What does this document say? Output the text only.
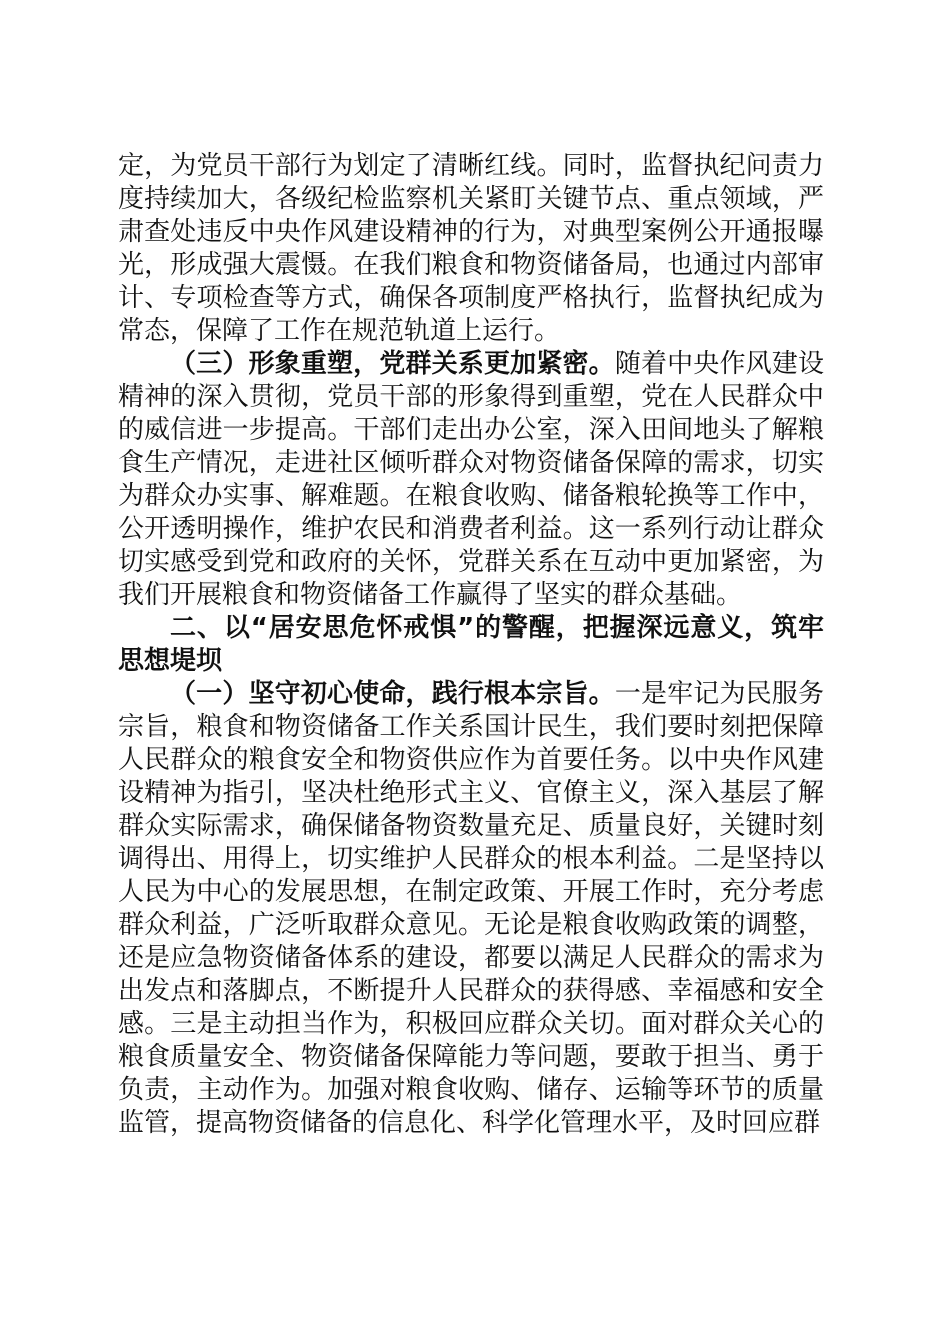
定，为党员干部行为划定了清晰红线。同时，监督执纪问责力度持续加大，各级纪检监察机关紧盯关键节点、重点领域，严肃查处违反中央作风建设精神的行为，对典型案例公开通报曝光，形成强大震慑。在我们粮食和物资储备局，也通过内部审计、专项检查等方式，确保各项制度严格执行，监督执纪成为常态，保障了工作在规范轨道上运行。

（三）形象重塑，党群关系更加紧密。随着中央作风建设精神的深入贯彻，党员干部的形象得到重塑，党在人民群众中的威信进一步提高。干部们走出办公室，深入田间地头了解粮食生产情况，走进社区倾听群众对物资储备保障的需求，切实为群众办实事、解难题。在粮食收购、储备粮轮换等工作中，公开透明操作，维护农民和消费者利益。这一系列行动让群众切实感受到党和政府的关怀，党群关系在互动中更加紧密，为我们开展粮食和物资储备工作赢得了坚实的群众基础。

二、以“居安思危怀戒惧”的警醒，把握深远意义，筑牢思想堤坝

（一）坚守初心使命，践行根本宗旨。一是牢记为民服务宗旨，粮食和物资储备工作关系国计民生，我们要时刻把保障人民群众的粮食安全和物资供应作为首要任务。以中央作风建设精神为指引，坚决杜绝形式主义、官僚主义，深入基层了解群众实际需求，确保储备物资数量充足、质量良好，关键时刻调得出、用得上，切实维护人民群众的根本利益。二是坚持以人民为中心的发展思想，在制定政策、开展工作时，充分考虑群众利益，广泛听取群众意见。无论是粮食收购政策的调整，还是应急物资储备体系的建设，都要以满足人民群众的需求为出发点和落脚点，不断提升人民群众的获得感、幸福感和安全感。三是主动担当作为，积极回应群众关切。面对群众关心的粮食质量安全、物资储备保障能力等问题，要敢于担当、勇于负责，主动作为。加强对粮食收购、储存、运输等环节的质量监管，提高物资储备的信息化、科学化管理水平，及时回应群
